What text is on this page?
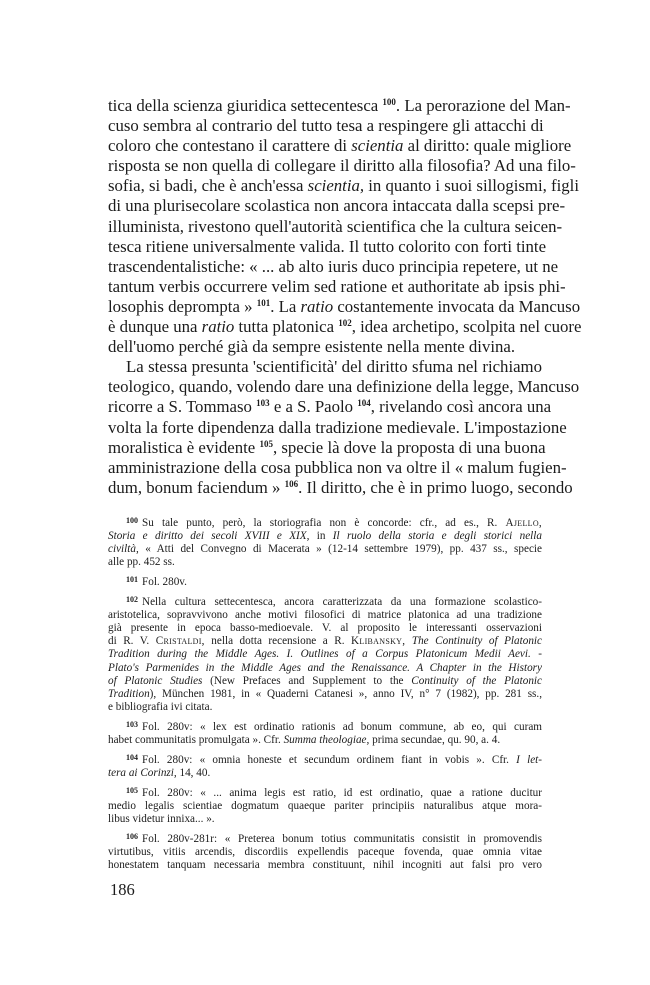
tica della scienza giuridica settecentesca $^{100}$. La perorazione del Man-
cuso sembra al contrario del tutto tesa a respingere gli attacchi di
coloro che contestano il carattere di scientia al diritto: quale migliore
risposta se non quella di collegare il diritto alla filosofia? Ad una filo-
sofia, si badi, che è anch'essa scientia, in quanto i suoi sillogismi, figli
di una plurisecolare scolastica non ancora intaccata dalla scepsi pre-
illuminista, rivestono quell'autorità scientifica che la cultura seicen-
tesca ritiene universalmente valida. Il tutto colorito con forti tinte
trascendentalistiche: « ... ab alto iuris duco principia repetere, ut ne
tantum verbis occurrere velim sed ratione et authoritate ab ipsis phi-
losophis deprompta » $^{101}$. La ratio costantemente invocata da Mancuso
è dunque una ratio tutta platonica $^{102}$, idea archetipo, scolpita nel cuore
dell'uomo perché già da sempre esistente nella mente divina.
La stessa presunta 'scientificità' del diritto sfuma nel richiamo
teologico, quando, volendo dare una definizione della legge, Mancuso
ricorre a S. Tommaso $^{103}$ e a S. Paolo $^{104}$, rivelando così ancora una
volta la forte dipendenza dalla tradizione medievale. L'impostazione
moralistica è evidente $^{105}$, specie là dove la proposta di una buona
amministrazione della cosa pubblica non va oltre il « malum fugien-
dum, bonum faciendum » $^{106}$. Il diritto, che è in primo luogo, secondo
$^{100}$ Su tale punto, però, la storiografia non è concorde: cfr., ad es., R. Ajello,
Storia e diritto dei secoli XVIII e XIX, in Il ruolo della storia e degli storici nella
civiltà, « Atti del Convegno di Macerata » (12-14 settembre 1979), pp. 437 ss., specie
alle pp. 452 ss.
$^{101}$ Fol. 280v.
$^{102}$ Nella cultura settecentesca, ancora caratterizzata da una formazione scolastico-
aristotelica, sopravvivono anche motivi filosofici di matrice platonica ad una tradizione
già presente in epoca basso-medioevale. V. al proposito le interessanti osservazioni
di R. V. Cristaldi, nella dotta recensione a R. Klibansky, The Continuity of Platonic
Tradition during the Middle Ages. I. Outlines of a Corpus Platonicum Medii Aevi. -
Plato's Parmenides in the Middle Ages and the Renaissance. A Chapter in the History
of Platonic Studies (New Prefaces and Supplement to the Continuity of the Platonic
Tradition), München 1981, in « Quaderni Catanesi », anno IV, n° 7 (1982), pp. 281 ss.,
e bibliografia ivi citata.
$^{103}$ Fol. 280v: « lex est ordinatio rationis ad bonum commune, ab eo, qui curam
habet communitatis promulgata ». Cfr. Summa theologiae, prima secundae, qu. 90, a. 4.
$^{104}$ Fol. 280v: « omnia honeste et secundum ordinem fiant in vobis ». Cfr. I let-
tera ai Corinzi, 14, 40.
$^{105}$ Fol. 280v: « ... anima legis est ratio, id est ordinatio, quae a ratione ducitur
medio legalis scientiae dogmatum quaeque pariter principiis naturalibus atque mora-
libus videtur innixa... ».
$^{106}$ Fol. 280v-281r: « Preterea bonum totius communitatis consistit in promovendis
virtutibus, vitiis arcendis, discordiis expellendis paceque fovenda, quae omnia vitae
honestatem tanquam necessaria membra constituunt, nihil incogniti aut falsi pro vero
186
